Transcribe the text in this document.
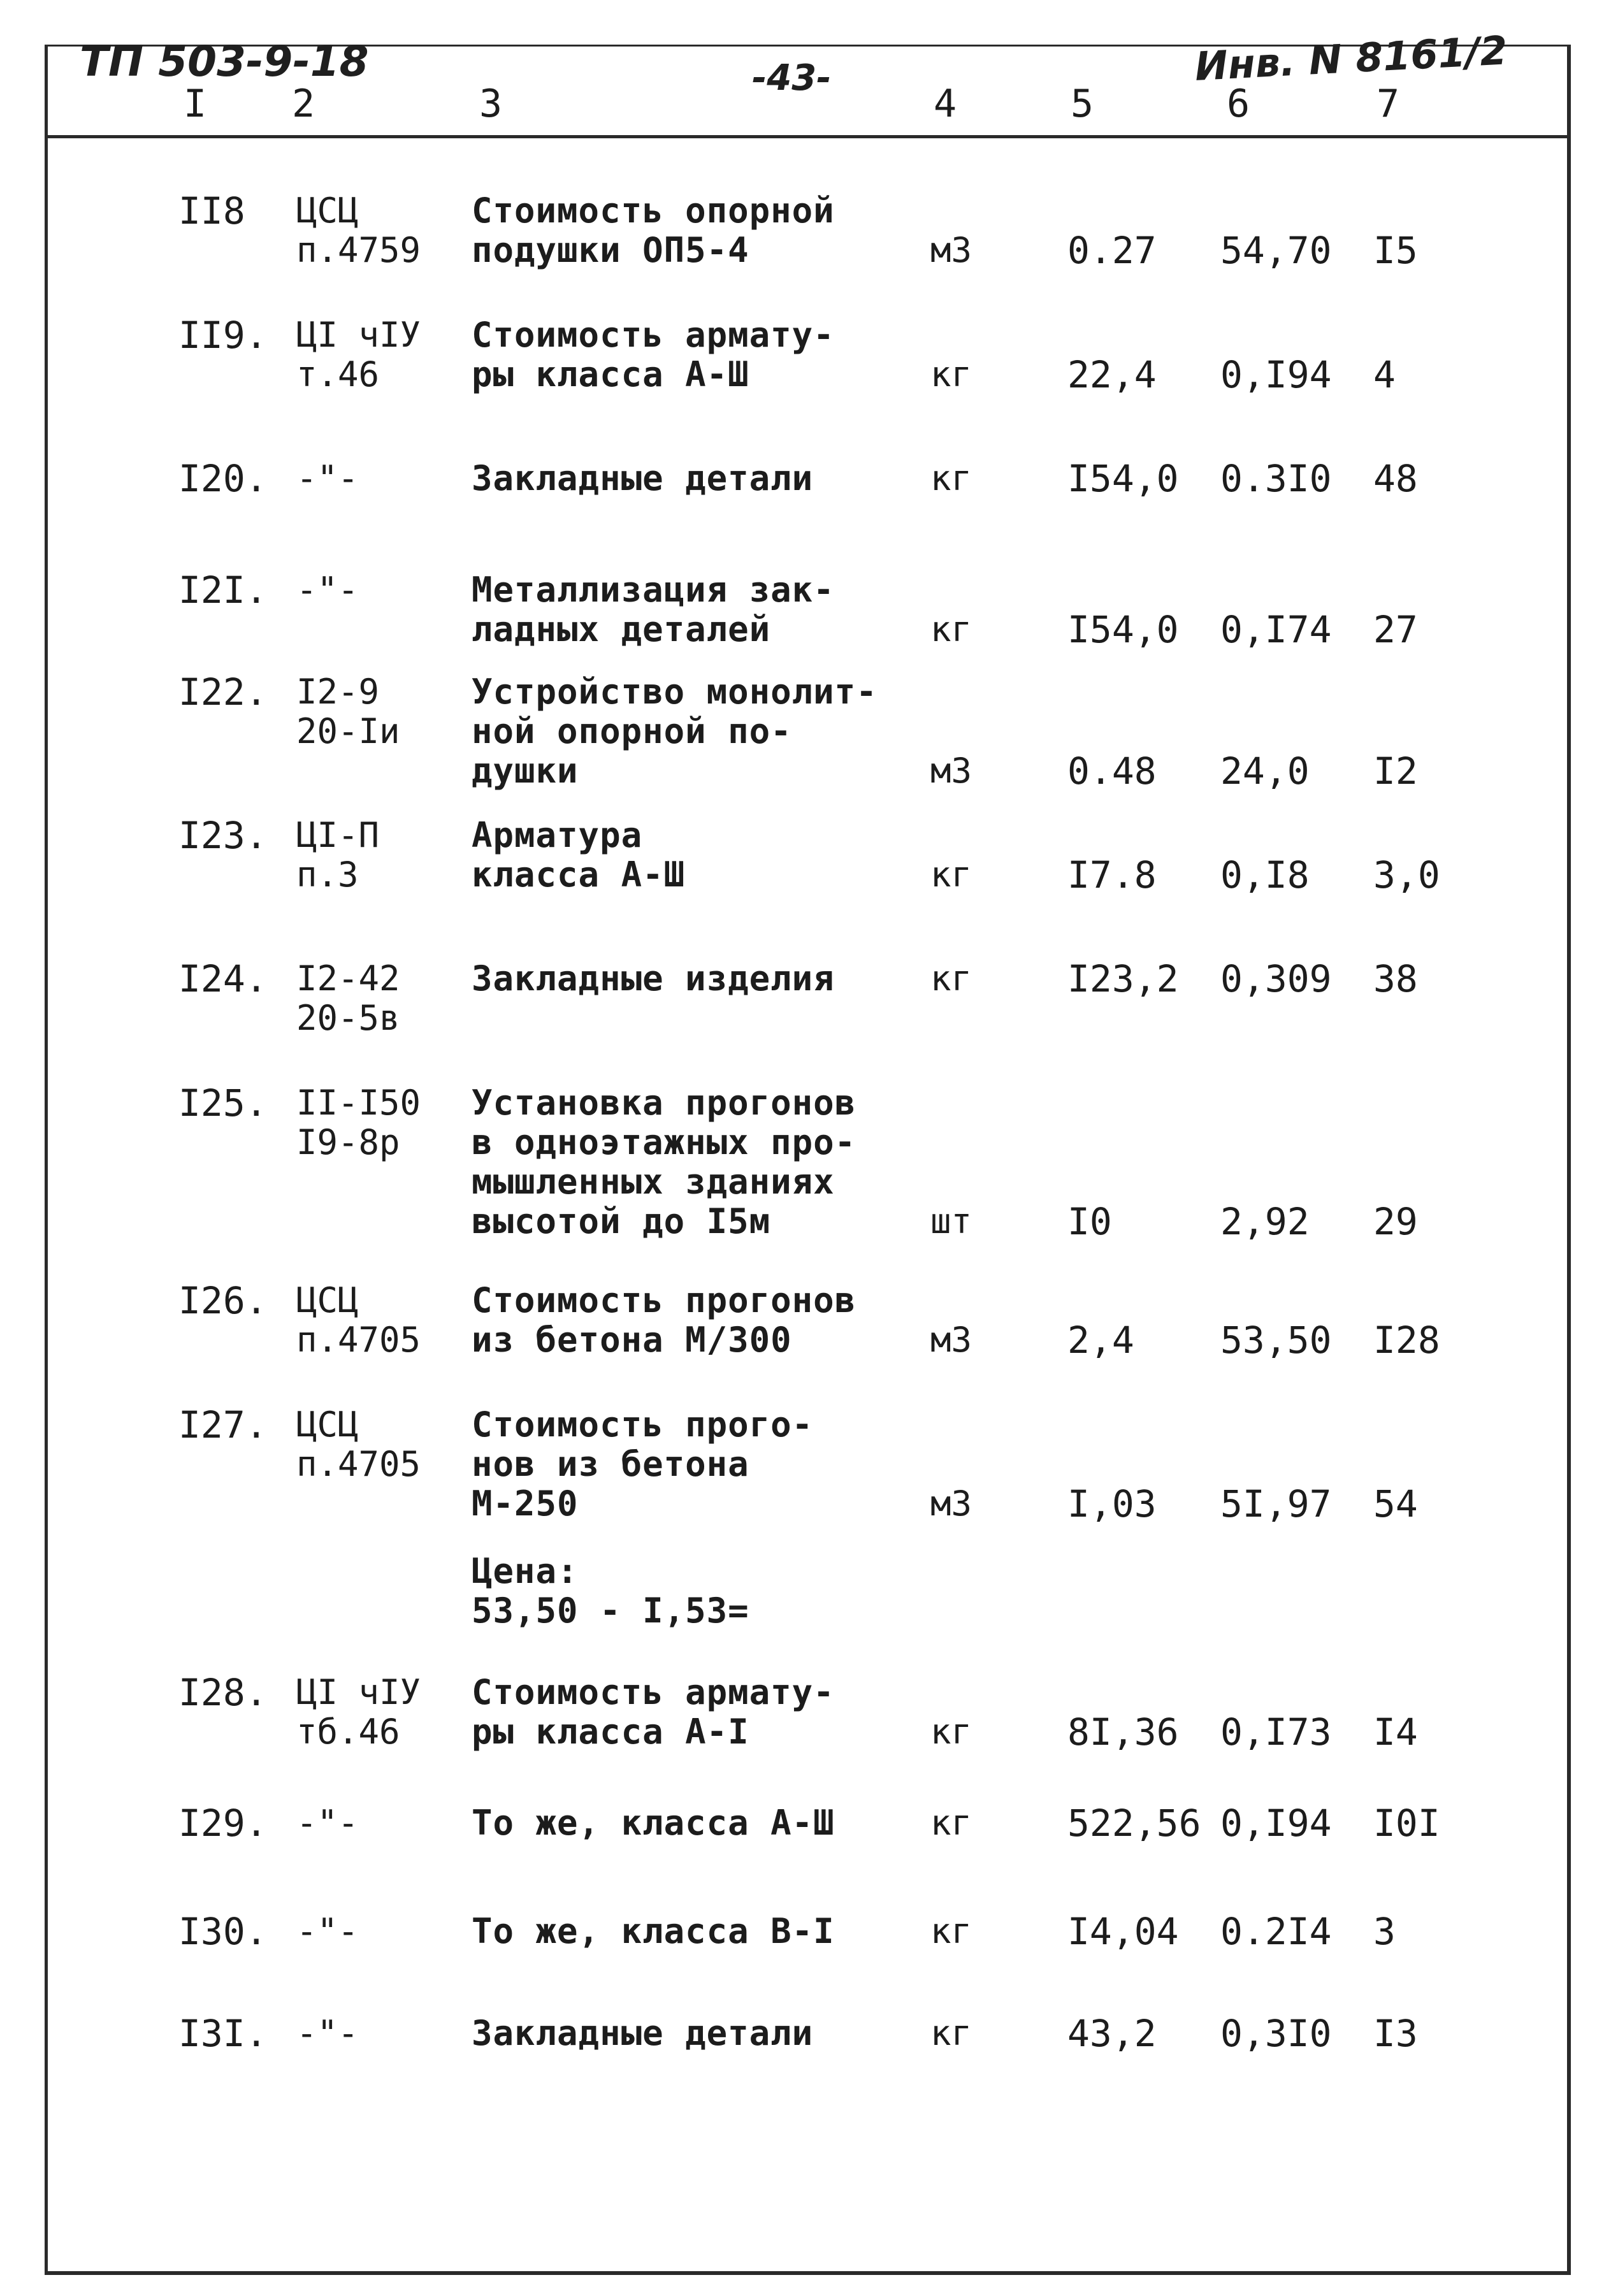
ТП 503-9-18	-43-	Инв. N 8161/2
I 2	3	4	5	6	7
II8 ЦСЦ
п.4759
Стоимость опорной
подушки ОП5-4	м3	0.27 54,70 I5
II9. ЦI чIУ
т.46
Стоимость армату-
ры класса А-Ш	кг	22,4 0,I94 4
I20. -"-	Закладные детали	кг	I54,0 0.3I0 48
I2I. -"-	Металлизация зак-
ладных деталей	кг	I54,0 0,I74 27
I22. I2-9
20-Iи
Устройство монолит-
ной опорной по-
душки	м3	0.48 24,0 I2
I23. ЦI-П
п.3
Арматура
класса А-Ш	кг	I7.8 0,I8 3,0
I24. I2-42
20-5в
Закладные изделия	кг	I23,2 0,309 38
I25. II-I50
I9-8р
Установка прогонов
в одноэтажных про-
мышленных зданиях
высотой до I5м	шт	I0	2,92 29
I26. ЦСЦ
п.4705
Стоимость прогонов
из бетона М/300	м3	2,4 53,50 I28
I27. ЦСЦ
п.4705
Стоимость прого-
нов из бетона
М-250	м3	I,03 5I,97 54
Цена:
53,50 - I,53=
I28. ЦI чIУ
тб.46
Стоимость армату-
ры класса А-I	кг	8I,36 0,I73 I4
I29. -"-	То же, класса А-Ш	кг	522,56 0,I94 I0I
I30. -"-	То же, класса В-I	кг	I4,04 0.2I4 3
I3I. -"-	Закладные детали	кг	43,2 0,3I0 I3
